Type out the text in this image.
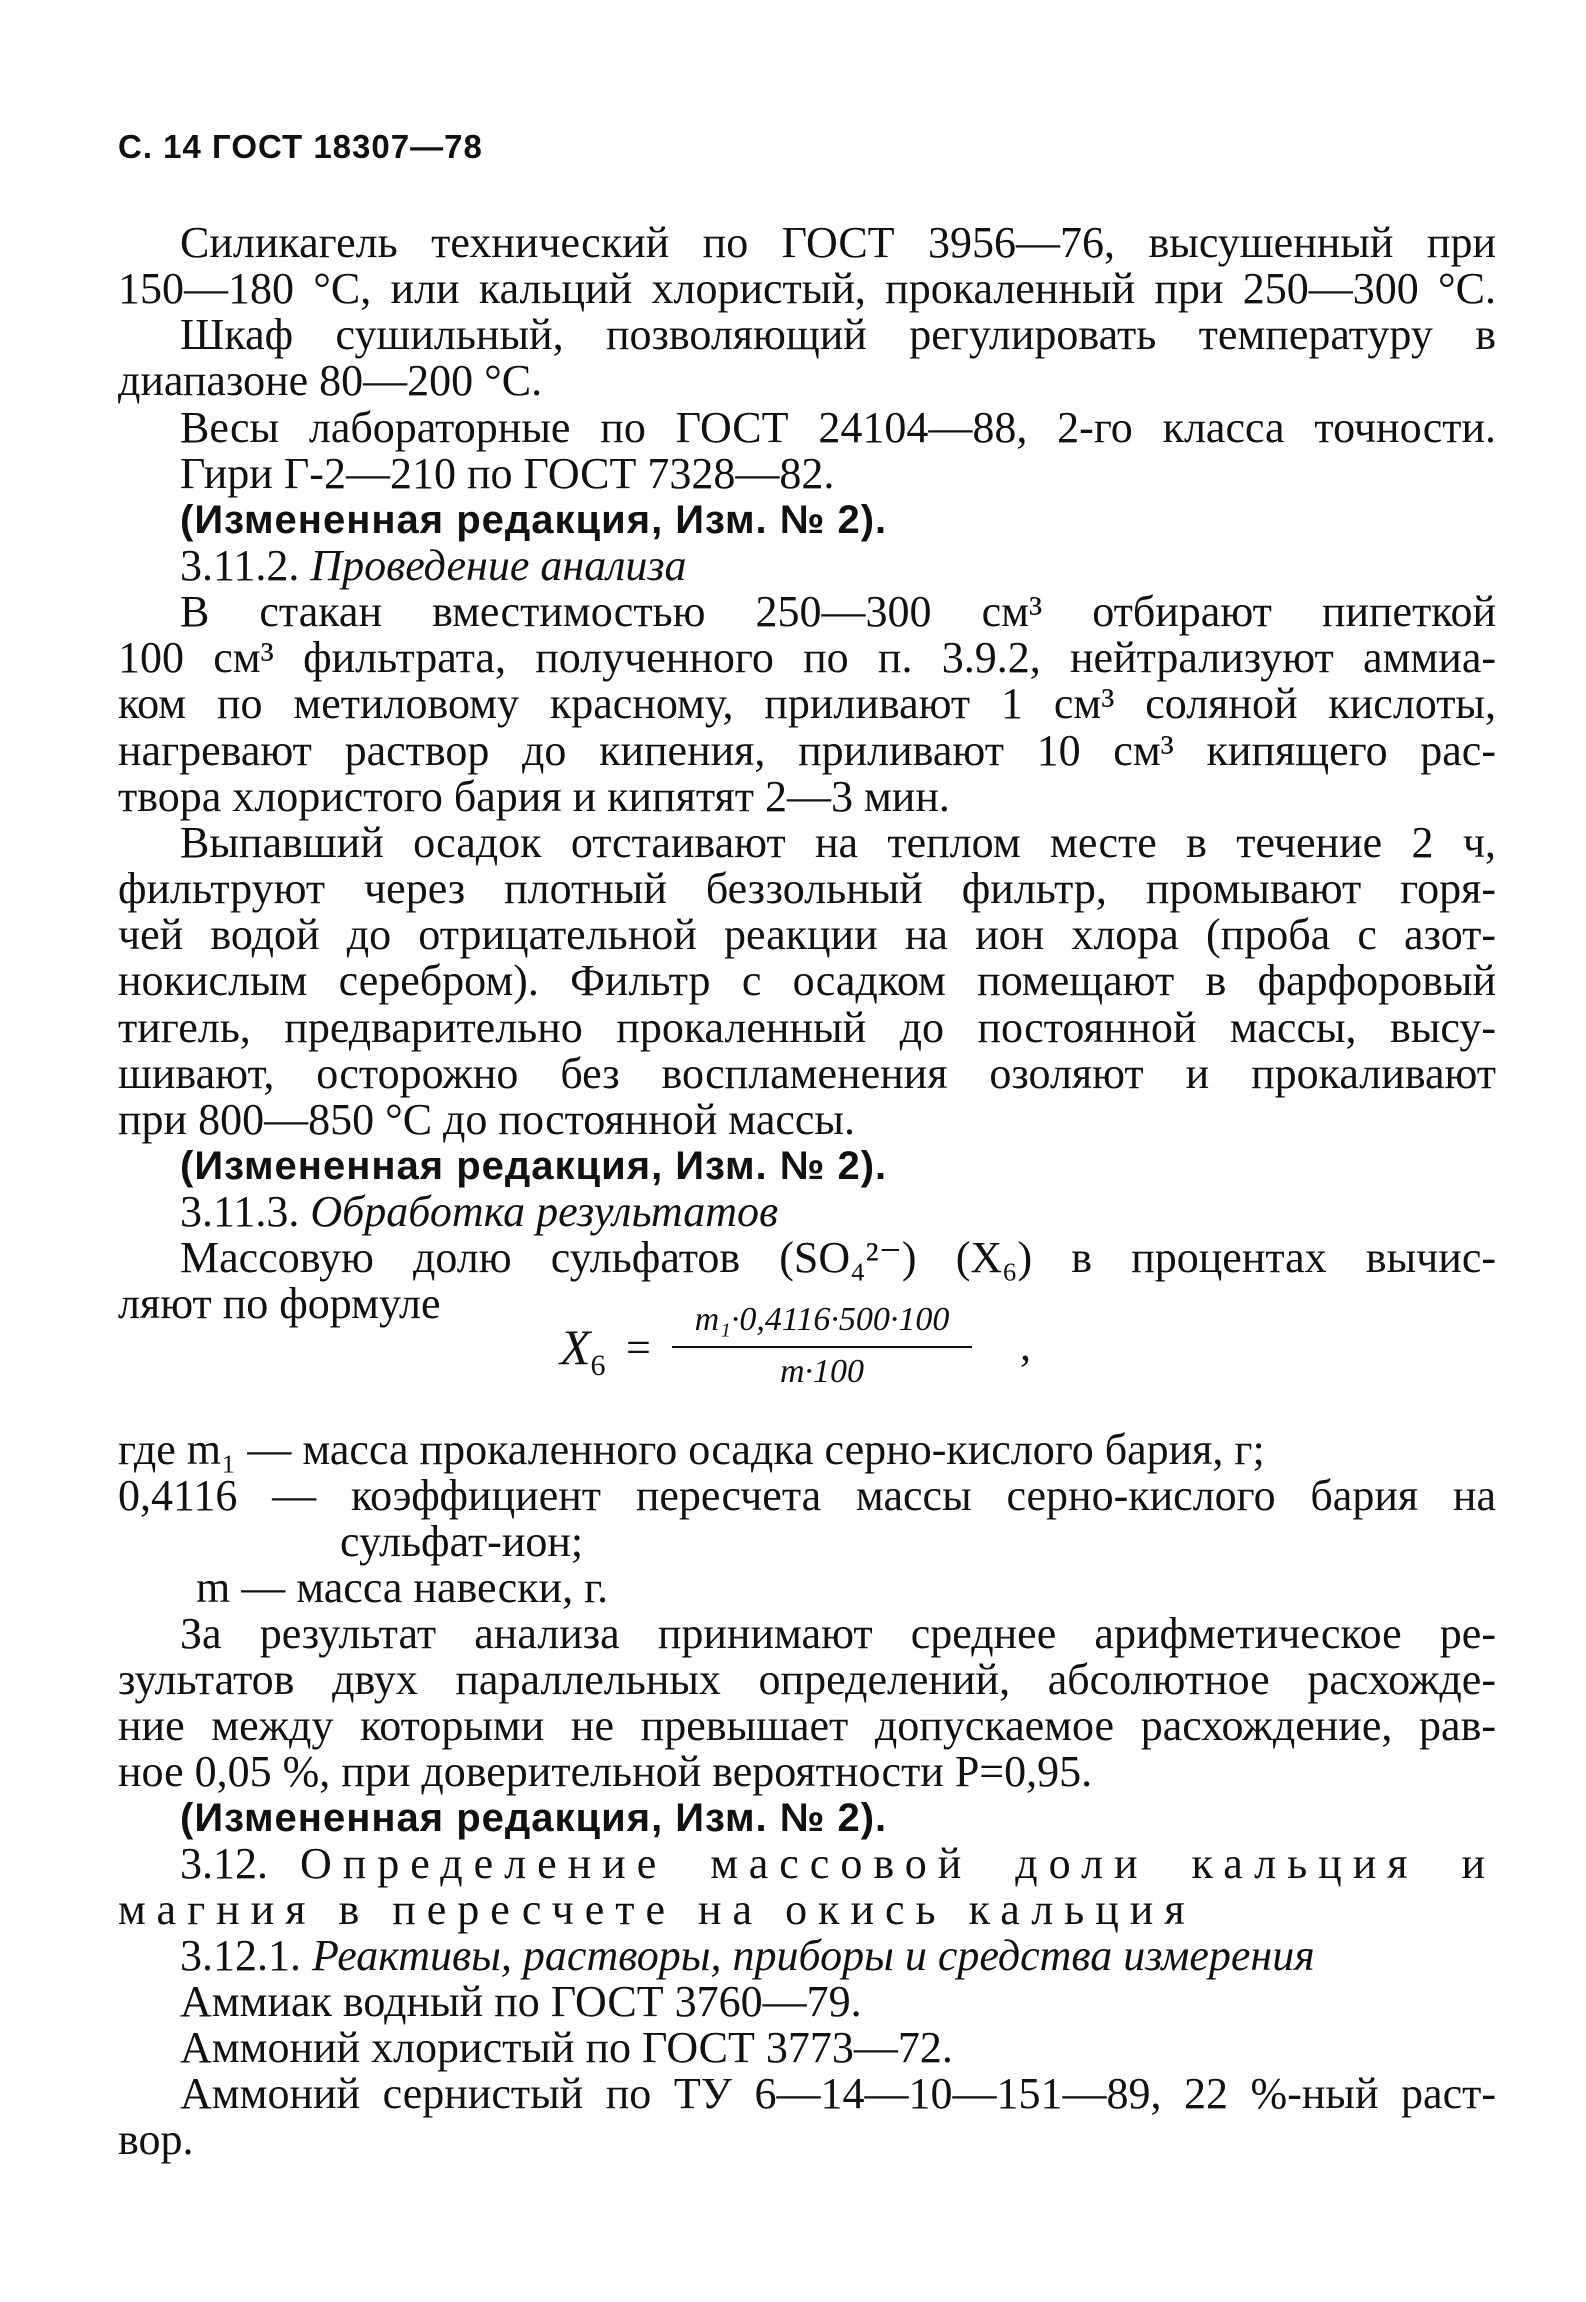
С. 14 ГОСТ 18307—78
Силикагель технический по ГОСТ 3956—76, высушенный при
150—180 °С, или кальций хлористый, прокаленный при 250—300 °С.
Шкаф сушильный, позволяющий регулировать температуру в
диапазоне 80—200 °С.
Весы лабораторные по ГОСТ 24104—88, 2-го класса точности.
Гири Г-2—210 по ГОСТ 7328—82.
(Измененная редакция, Изм. № 2).
3.11.2. Проведение анализа
В стакан вместимостью 250—300 см³ отбирают пипеткой
100 см³ фильтрата, полученного по п. 3.9.2, нейтрализуют аммиа-
ком по метиловому красному, приливают 1 см³ соляной кислоты,
нагревают раствор до кипения, приливают 10 см³ кипящего рас-
твора хлористого бария и кипятят 2—3 мин.
Выпавший осадок отстаивают на теплом месте в течение 2 ч,
фильтруют через плотный беззольный фильтр, промывают горя-
чей водой до отрицательной реакции на ион хлора (проба с азот-
нокислым серебром). Фильтр с осадком помещают в фарфоровый
тигель, предварительно прокаленный до постоянной массы, высу-
шивают, осторожно без воспламенения озоляют и прокаливают
при 800—850 °С до постоянной массы.
(Измененная редакция, Изм. № 2).
3.11.3. Обработка результатов
Массовую долю сульфатов (SO₄²⁻) (X₆) в процентах вычис-
ляют по формуле
$X_6$ =
m₁·0,4116·500·100
m·100
,
где m₁ — масса прокаленного осадка серно-кислого бария, г;
0,4116 — коэффициент пересчета массы серно-кислого бария на
сульфат-ион;
m — масса навески, г.
За результат анализа принимают среднее арифметическое ре-
зультатов двух параллельных определений, абсолютное расхожде-
ние между которыми не превышает допускаемое расхождение, рав-
ное 0,05 %, при доверительной вероятности P=0,95.
(Измененная редакция, Изм. № 2).
3.12. Определение массовой доли кальция и
магния в пересчете на окись кальция
3.12.1. Реактивы, растворы, приборы и средства измерения
Аммиак водный по ГОСТ 3760—79.
Аммоний хлористый по ГОСТ 3773—72.
Аммоний сернистый по ТУ 6—14—10—151—89, 22 %-ный раст-
вор.
